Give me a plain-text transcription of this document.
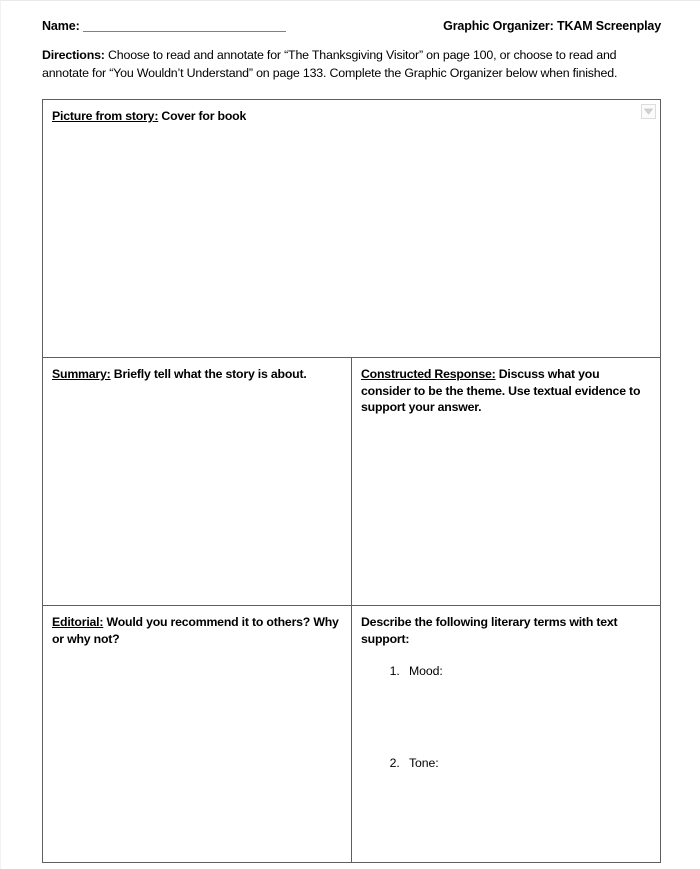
Name: ________________________________	Graphic Organizer: TKAM Screenplay
Directions: Choose to read and annotate for “The Thanksgiving Visitor” on page 100, or choose to read and annotate for “You Wouldn’t Understand” on page 133. Complete the Graphic Organizer below when finished.
Picture from story: Cover for book
Summary: Briefly tell what the story is about.	Constructed Response: Discuss what you consider to be the theme. Use textual evidence to support your answer.
Editorial: Would you recommend it to others? Why or why not?
Describe the following literary terms with text support:
1. Mood:
2. Tone:
